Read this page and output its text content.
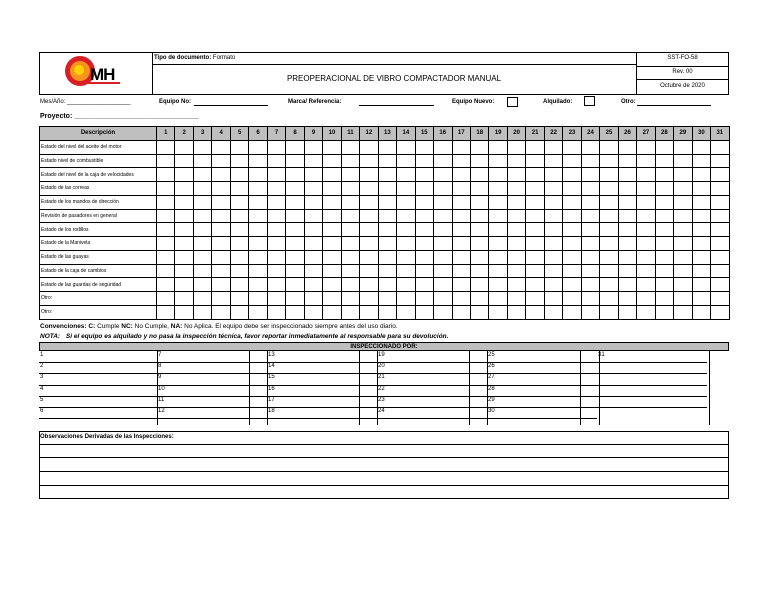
MH
Tipo de documento: Formato
PREOPERACIONAL DE VIBRO COMPACTADOR MANUAL
SST-FO-58
Rev. 00
Octubre de 2020
Mes/Año: ___________________	Equipo No:	Marca/ Referencia:	Equipo Nuevo:	Alquilado:	Otro:
Proyecto: ________________________________
Descripción	1	2	3	4	5	6	7	8	9	10	11	12	13	14	15	16	17	18	19	20	21	22	23	24	25	26	27	28	29	30	31
Estado del nivel del aceite del motor																															
Estado nivel de combustible																															
Estado del nivel de la caja de velocidades																															
Estado de las correas																															
Estado de los mandos de dirección																															
Revisión de pasadores en general																															
Estado de los rodillos																															
Estado de la Manivela																															
Estado de las guayas																															
Estado de la caja de cambios																															
Estado de las guardas de seguridad																															
Otro:																															
Otro:																															
Convenciones: C: Cumple NC: No Cumple, NA: No Aplica. El equipo debe ser inspeccionado siempre antes del uso diario.
NOTA: Si el equipo es alquilado y no pasa la inspección técnica, favor reportar inmediatamente al responsable para su devolución.
INSPECCIONADO POR:
1	7	13	19	25	31	
2	8	14	20	26		
3	9	15	21	27		
4	10	16	22	28		
5	11	17	23	29		
6	12	18	24	30		
Observaciones Derivadas de las Inspecciones:
